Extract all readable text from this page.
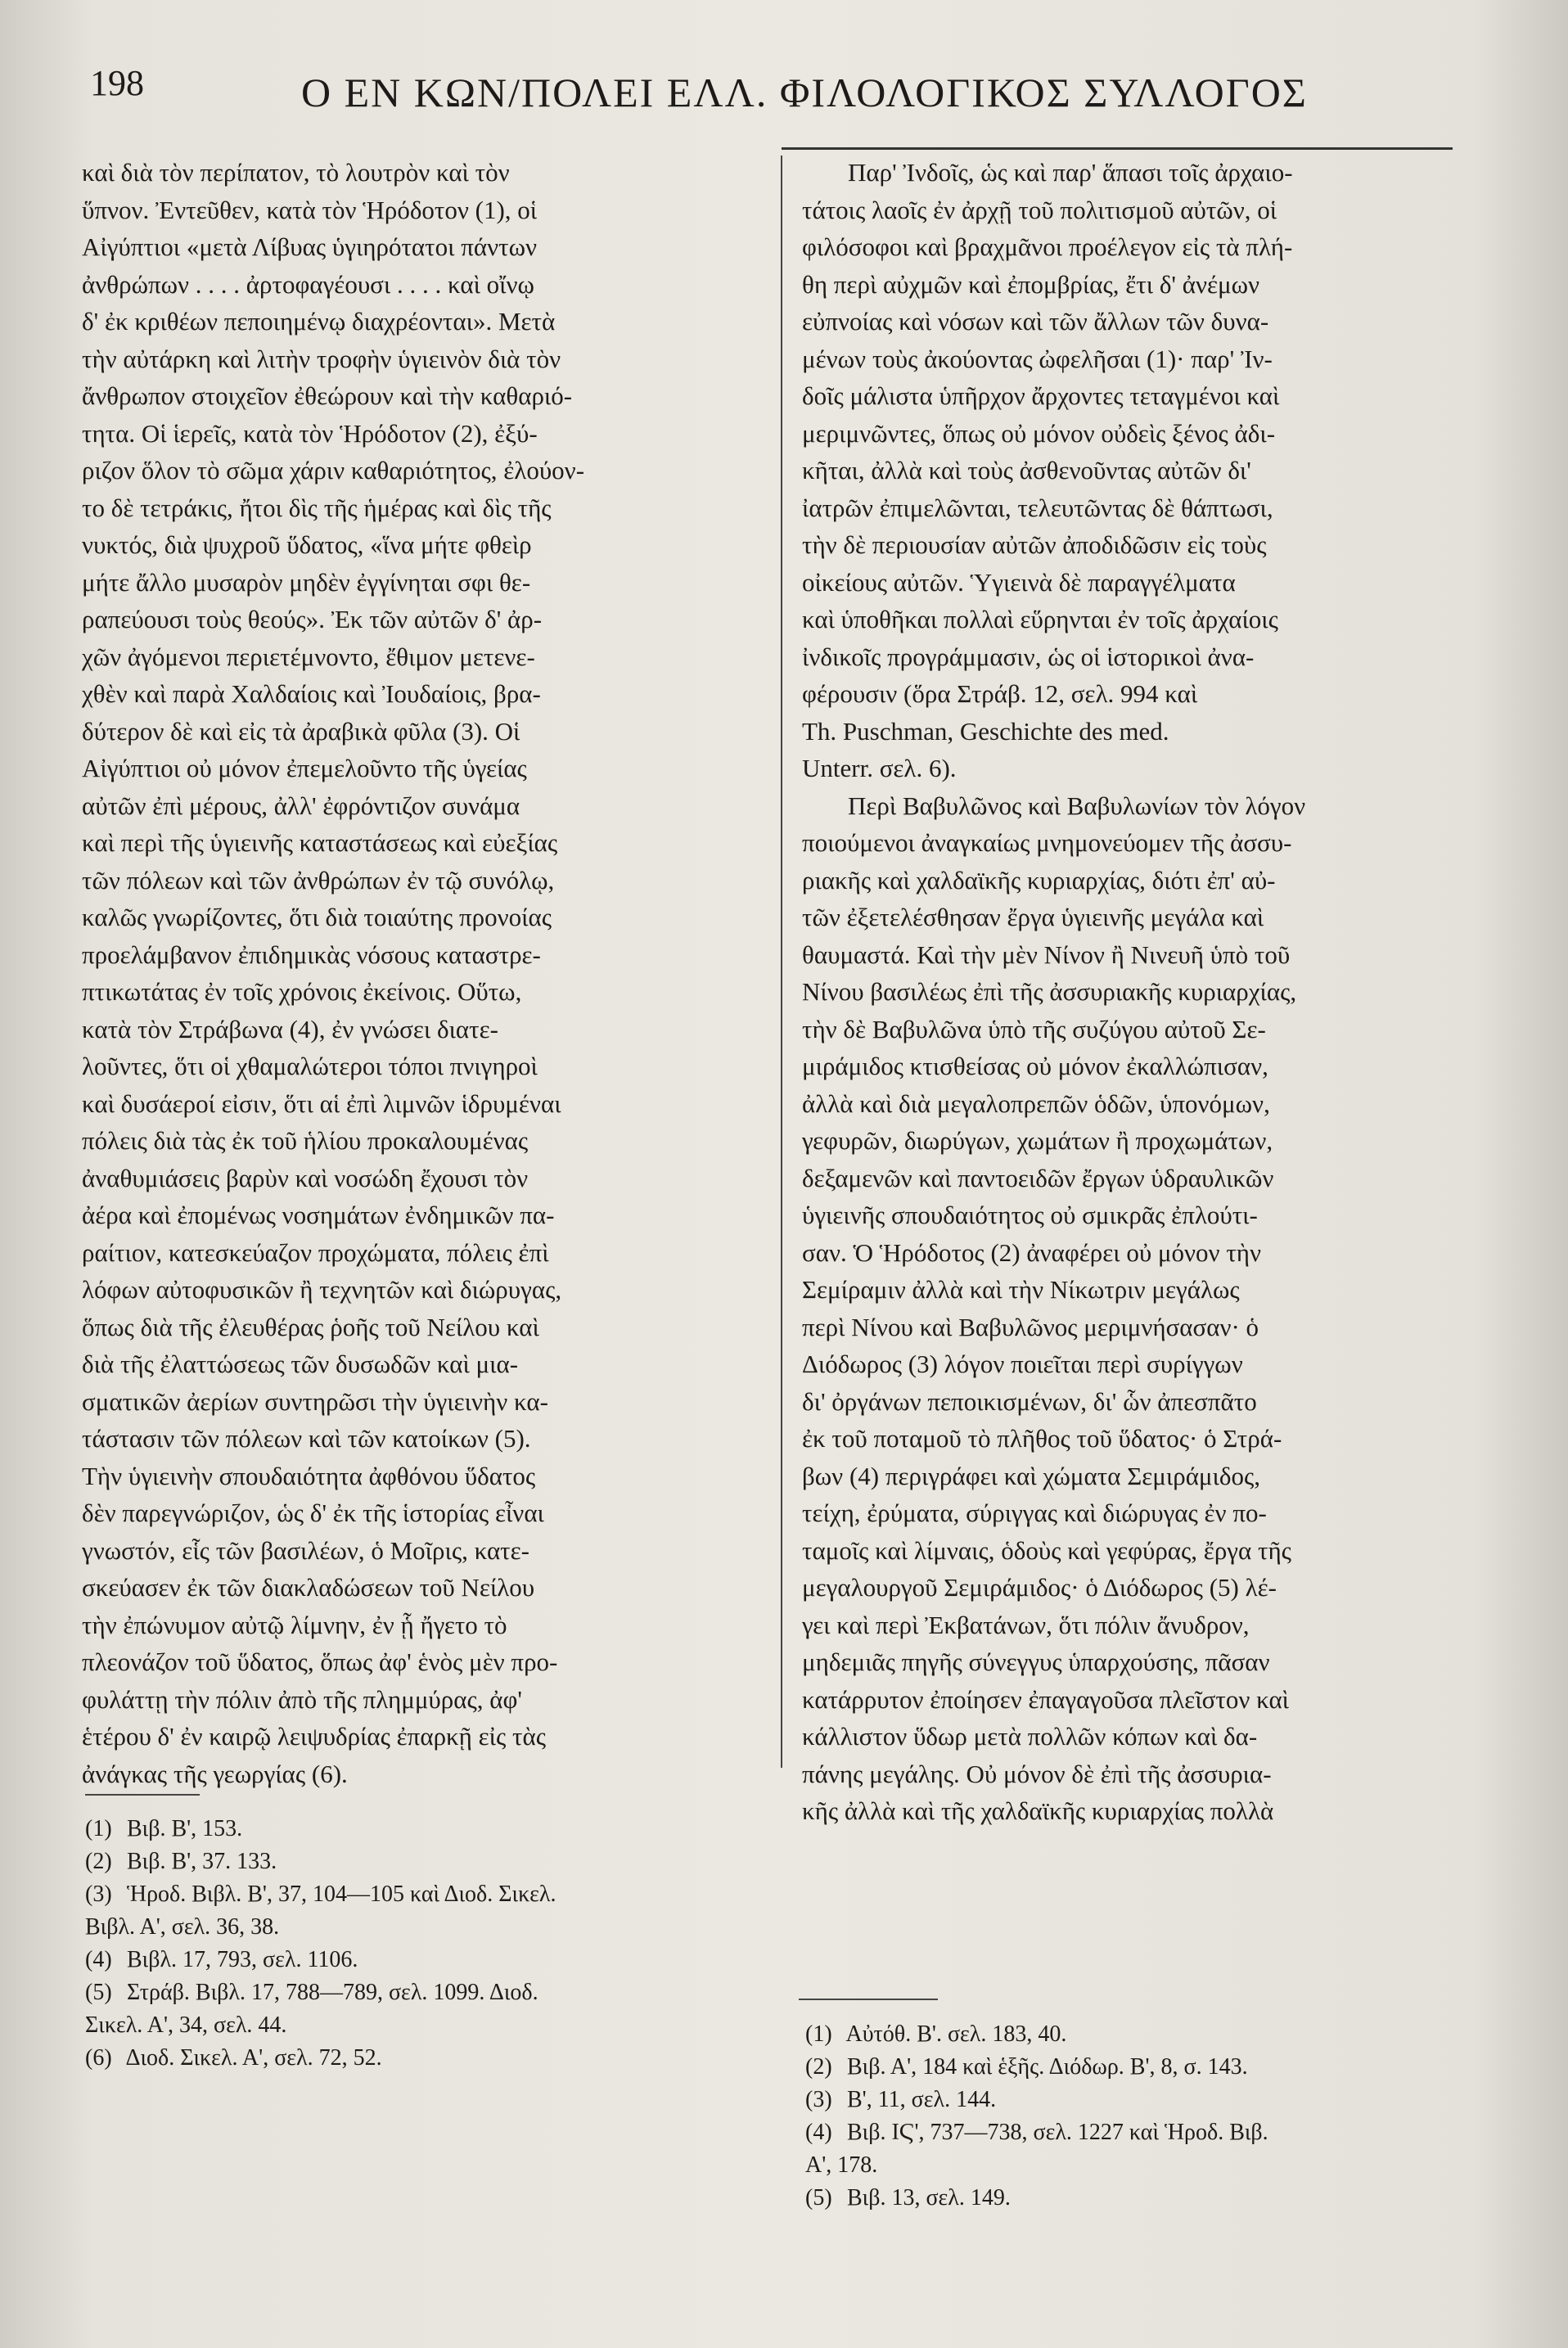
198	Ο ΕΝ ΚΩΝ/ΠΟΛΕΙ ΕΛΛ. ΦΙΛΟΛΟΓΙΚΟΣ ΣΥΛΛΟΓΟΣ
καὶ διὰ τὸν περίπατον, τὸ λουτρὸν καὶ τὸν
ὕπνον. Ἐντεῦθεν, κατὰ τὸν Ἡρόδοτον (1), οἱ
Αἰγύπτιοι «μετὰ Λίβυας ὑγιηρότατοι πάντων
ἀνθρώπων . . . . ἀρτοφαγέουσι . . . . καὶ οἴνῳ
δ' ἐκ κριθέων πεποιημένῳ διαχρέονται». Μετὰ
τὴν αὐτάρκη καὶ λιτὴν τροφὴν ὑγιεινὸν διὰ τὸν
ἄνθρωπον στοιχεῖον ἐθεώρουν καὶ τὴν καθαριό-
τητα. Οἱ ἱερεῖς, κατὰ τὸν Ἡρόδοτον (2), ἐξύ-
ριζον ὅλον τὸ σῶμα χάριν καθαριότητος, ἐλούον-
το δὲ τετράκις, ἤτοι δὶς τῆς ἡμέρας καὶ δὶς τῆς
νυκτός, διὰ ψυχροῦ ὕδατος, «ἵνα μήτε φθεὶρ
μήτε ἄλλο μυσαρὸν μηδὲν ἐγγίνηται σφι θε-
ραπεύουσι τοὺς θεούς». Ἐκ τῶν αὐτῶν δ' ἀρ-
χῶν ἀγόμενοι περιετέμνοντο, ἔθιμον μετενε-
χθὲν καὶ παρὰ Χαλδαίοις καὶ Ἰουδαίοις, βρα-
δύτερον δὲ καὶ εἰς τὰ ἀραβικὰ φῦλα (3). Οἱ
Αἰγύπτιοι οὐ μόνον ἐπεμελοῦντο τῆς ὑγείας
αὐτῶν ἐπὶ μέρους, ἀλλ' ἐφρόντιζον συνάμα
καὶ περὶ τῆς ὑγιεινῆς καταστάσεως καὶ εὐεξίας
τῶν πόλεων καὶ τῶν ἀνθρώπων ἐν τῷ συνόλῳ,
καλῶς γνωρίζοντες, ὅτι διὰ τοιαύτης προνοίας
προελάμβανον ἐπιδημικὰς νόσους καταστρε-
πτικωτάτας ἐν τοῖς χρόνοις ἐκείνοις. Οὕτω,
κατὰ τὸν Στράβωνα (4), ἐν γνώσει διατε-
λοῦντες, ὅτι οἱ χθαμαλώτεροι τόποι πνιγηροὶ
καὶ δυσάεροί εἰσιν, ὅτι αἱ ἐπὶ λιμνῶν ἱδρυμέναι
πόλεις διὰ τὰς ἐκ τοῦ ἡλίου προκαλουμένας
ἀναθυμιάσεις βαρὺν καὶ νοσώδη ἔχουσι τὸν
ἀέρα καὶ ἐπομένως νοσημάτων ἐνδημικῶν πα-
ραίτιον, κατεσκεύαζον προχώματα, πόλεις ἐπὶ
λόφων αὐτοφυσικῶν ἢ τεχνητῶν καὶ διώρυγας,
ὅπως διὰ τῆς ἐλευθέρας ῥοῆς τοῦ Νείλου καὶ
διὰ τῆς ἐλαττώσεως τῶν δυσωδῶν καὶ μια-
σματικῶν ἀερίων συντηρῶσι τὴν ὑγιεινὴν κα-
τάστασιν τῶν πόλεων καὶ τῶν κατοίκων (5).
Τὴν ὑγιεινὴν σπουδαιότητα ἀφθόνου ὕδατος
δὲν παρεγνώριζον, ὡς δ' ἐκ τῆς ἱστορίας εἶναι
γνωστόν, εἷς τῶν βασιλέων, ὁ Μοῖρις, κατε-
σκεύασεν ἐκ τῶν διακλαδώσεων τοῦ Νείλου
τὴν ἐπώνυμον αὐτῷ λίμνην, ἐν ᾗ ἤγετο τὸ
πλεονάζον τοῦ ὕδατος, ὅπως ἀφ' ἑνὸς μὲν προ-
φυλάττῃ τὴν πόλιν ἀπὸ τῆς πλημμύρας, ἀφ'
ἑτέρου δ' ἐν καιρῷ λειψυδρίας ἐπαρκῇ εἰς τὰς
ἀνάγκας τῆς γεωργίας (6).
Παρ' Ἰνδοῖς, ὡς καὶ παρ' ἅπασι τοῖς ἀρχαιο-
τάτοις λαοῖς ἐν ἀρχῇ τοῦ πολιτισμοῦ αὐτῶν, οἱ
φιλόσοφοι καὶ βραχμᾶνοι προέλεγον εἰς τὰ πλή-
θη περὶ αὐχμῶν καὶ ἐπομβρίας, ἔτι δ' ἀνέμων
εὐπνοίας καὶ νόσων καὶ τῶν ἄλλων τῶν δυνα-
μένων τοὺς ἀκούοντας ὠφελῆσαι (1)· παρ' Ἰν-
δοῖς μάλιστα ὑπῆρχον ἄρχοντες τεταγμένοι καὶ
μεριμνῶντες, ὅπως οὐ μόνον οὐδεὶς ξένος ἀδι-
κῆται, ἀλλὰ καὶ τοὺς ἀσθενοῦντας αὐτῶν δι'
ἰατρῶν ἐπιμελῶνται, τελευτῶντας δὲ θάπτωσι,
τὴν δὲ περιουσίαν αὐτῶν ἀποδιδῶσιν εἰς τοὺς
οἰκείους αὐτῶν. Ὑγιεινὰ δὲ παραγγέλματα
καὶ ὑποθῆκαι πολλαὶ εὕρηνται ἐν τοῖς ἀρχαίοις
ἰνδικοῖς προγράμμασιν, ὡς οἱ ἱστορικοὶ ἀνα-
φέρουσιν (ὅρα Στράβ. 12, σελ. 994 καὶ
Th. Puschman, Geschichte des med.
Unterr. σελ. 6).
Περὶ Βαβυλῶνος καὶ Βαβυλωνίων τὸν λόγον
ποιούμενοι ἀναγκαίως μνημονεύομεν τῆς ἀσσυ-
ριακῆς καὶ χαλδαϊκῆς κυριαρχίας, διότι ἐπ' αὐ-
τῶν ἐξετελέσθησαν ἔργα ὑγιεινῆς μεγάλα καὶ
θαυμαστά. Καὶ τὴν μὲν Νίνον ἢ Νινευῆ ὑπὸ τοῦ
Νίνου βασιλέως ἐπὶ τῆς ἀσσυριακῆς κυριαρχίας,
τὴν δὲ Βαβυλῶνα ὑπὸ τῆς συζύγου αὐτοῦ Σε-
μιράμιδος κτισθείσας οὐ μόνον ἐκαλλώπισαν,
ἀλλὰ καὶ διὰ μεγαλοπρεπῶν ὁδῶν, ὑπονόμων,
γεφυρῶν, διωρύγων, χωμάτων ἢ προχωμάτων,
δεξαμενῶν καὶ παντοειδῶν ἔργων ὑδραυλικῶν
ὑγιεινῆς σπουδαιότητος οὐ σμικρᾶς ἐπλούτι-
σαν. Ὁ Ἡρόδοτος (2) ἀναφέρει οὐ μόνον τὴν
Σεμίραμιν ἀλλὰ καὶ τὴν Νίκωτριν μεγάλως
περὶ Νίνου καὶ Βαβυλῶνος μεριμνήσασαν· ὁ
Διόδωρος (3) λόγον ποιεῖται περὶ συρίγγων
δι' ὀργάνων πεποικισμένων, δι' ὧν ἀπεσπᾶτο
ἐκ τοῦ ποταμοῦ τὸ πλῆθος τοῦ ὕδατος· ὁ Στρά-
βων (4) περιγράφει καὶ χώματα Σεμιράμιδος,
τείχη, ἐρύματα, σύριγγας καὶ διώρυγας ἐν πο-
ταμοῖς καὶ λίμναις, ὁδοὺς καὶ γεφύρας, ἔργα τῆς
μεγαλουργοῦ Σεμιράμιδος· ὁ Διόδωρος (5) λέ-
γει καὶ περὶ Ἐκβατάνων, ὅτι πόλιν ἄνυδρον,
μηδεμιᾶς πηγῆς σύνεγγυς ὑπαρχούσης, πᾶσαν
κατάρρυτον ἐποίησεν ἐπαγαγοῦσα πλεῖστον καὶ
κάλλιστον ὕδωρ μετὰ πολλῶν κόπων καὶ δα-
πάνης μεγάλης. Οὐ μόνον δὲ ἐπὶ τῆς ἀσσυρια-
κῆς ἀλλὰ καὶ τῆς χαλδαϊκῆς κυριαρχίας πολλὰ
(1) Βιβ. Β', 153.
(2) Βιβ. Β', 37. 133.
(3) Ἡροδ. Βιβλ. Β', 37, 104—105 καὶ Διοδ. Σικελ.
Βιβλ. Α', σελ. 36, 38.
(4) Βιβλ. 17, 793, σελ. 1106.
(5) Στράβ. Βιβλ. 17, 788—789, σελ. 1099. Διοδ.
Σικελ. Α', 34, σελ. 44.
(6) Διοδ. Σικελ. Α', σελ. 72, 52.
(1) Αὐτόθ. Β'. σελ. 183, 40.
(2) Βιβ. Α', 184 καὶ ἑξῆς. Διόδωρ. Β', 8, σ. 143.
(3) Β', 11, σελ. 144.
(4) Βιβ. ΙϚ', 737—738, σελ. 1227 καὶ Ἡροδ. Βιβ.
Α', 178.
(5) Βιβ. 13, σελ. 149.
